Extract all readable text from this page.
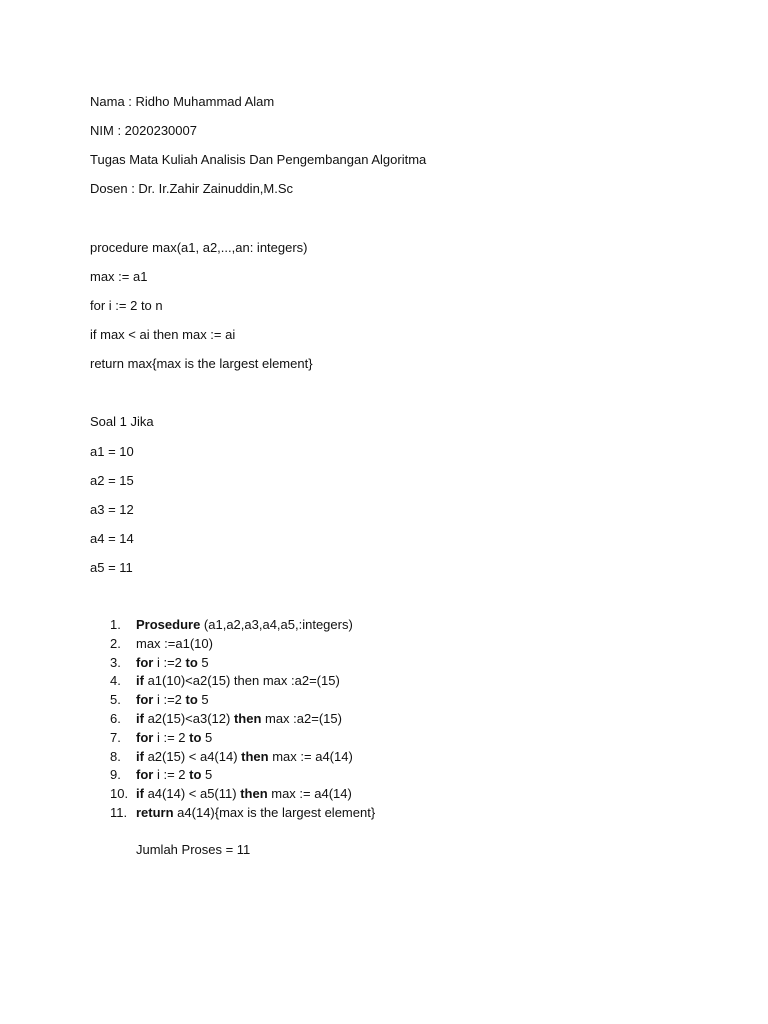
Nama : Ridho Muhammad Alam
NIM : 2020230007
Tugas Mata Kuliah Analisis Dan Pengembangan Algoritma
Dosen : Dr. Ir.Zahir Zainuddin,M.Sc
procedure max(a1, a2,...,an: integers)
max := a1
for i := 2 to n
if max < ai then max := ai
return max{max is the largest element}
Soal 1 Jika
a1 = 10
a2 = 15
a3 = 12
a4 = 14
a5 = 11
1. Prosedure (a1,a2,a3,a4,a5,:integers)
2. max :=a1(10)
3. for i :=2 to 5
4. if a1(10)<a2(15) then max :a2=(15)
5. for i :=2 to 5
6. if a2(15)<a3(12) then max :a2=(15)
7. for i := 2 to 5
8. if a2(15) < a4(14) then max := a4(14)
9. for i := 2 to 5
10. if a4(14) < a5(11) then max := a4(14)
11. return a4(14){max is the largest element}
Jumlah Proses = 11
